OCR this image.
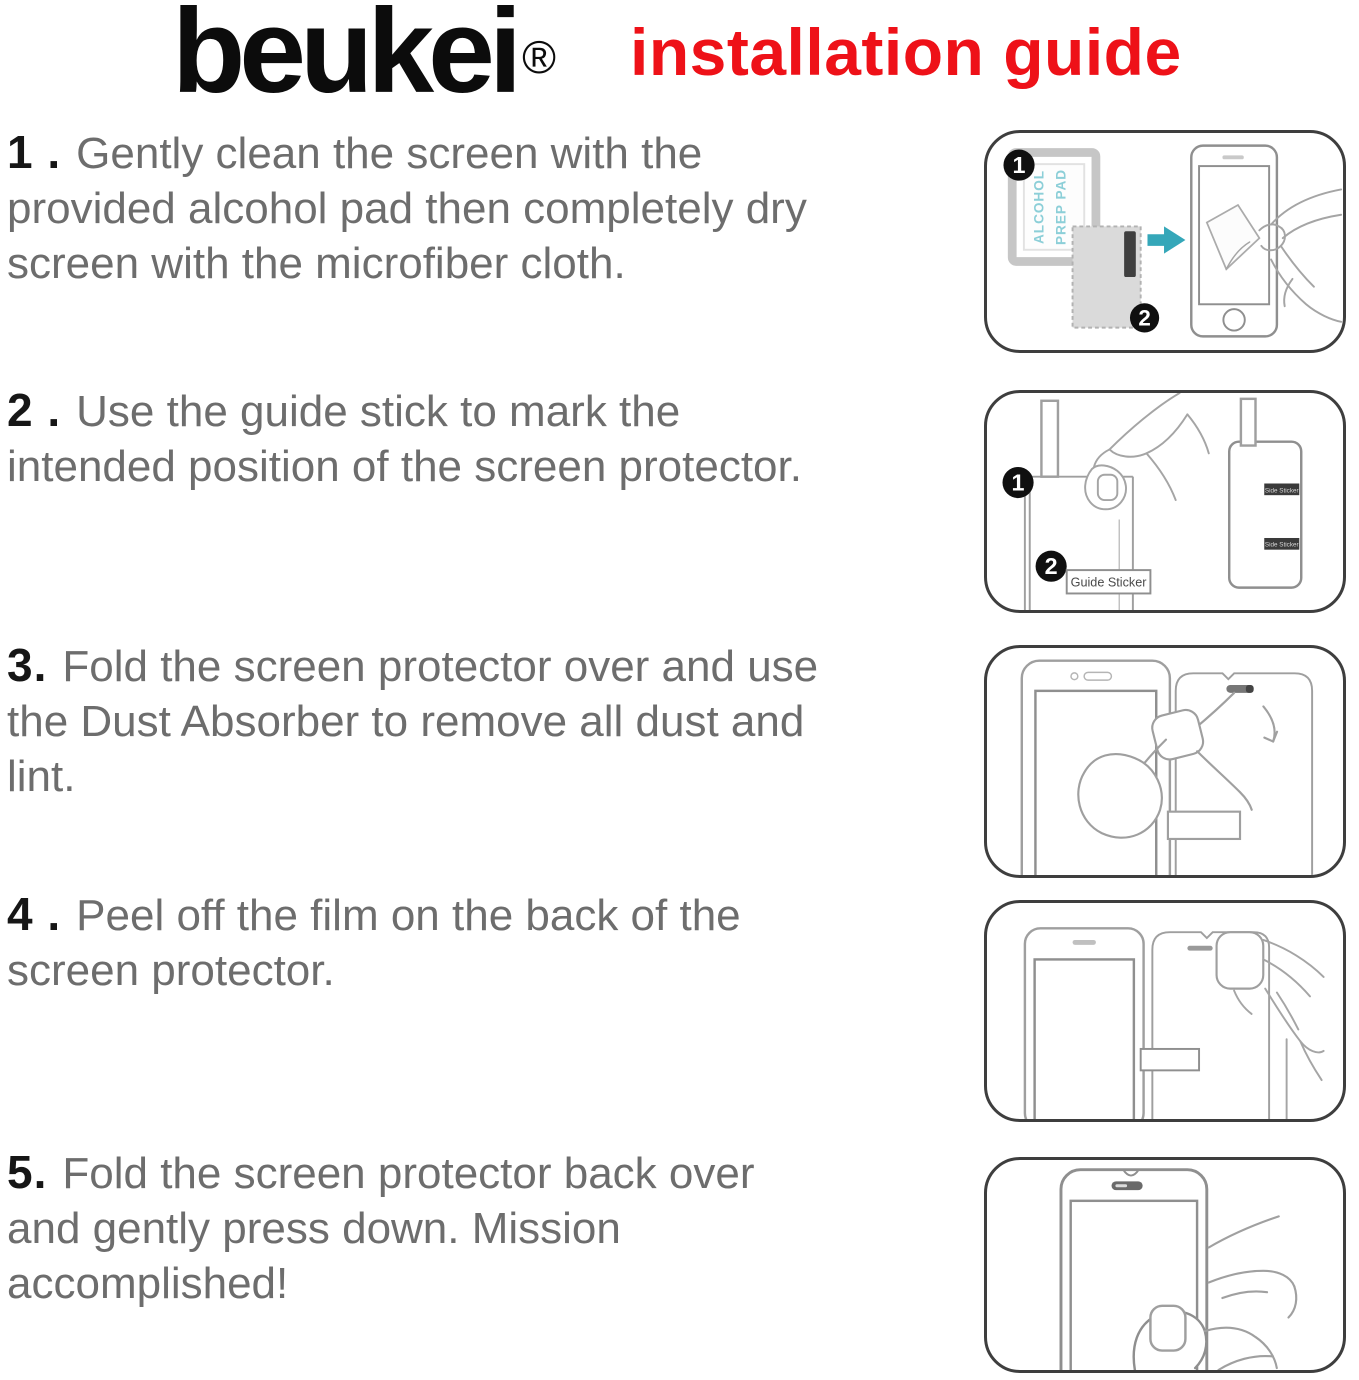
beukei ® installation guide
1 . Gently clean the screen with the
provided alcohol pad then completely dry
screen with the microfiber cloth.
ALCOHOL PREP PAD
1
2
2 . Use the guide stick to mark the
intended position of the screen protector.	1
2
Guide Sticker
Side Sticker
Side Sticker
3. Fold the screen protector over and use
the Dust Absorber to remove all dust and
lint.
4 . Peel off the film on the back of the
screen protector.
5. Fold the screen protector back over
and gently press down. Mission
accomplished!
